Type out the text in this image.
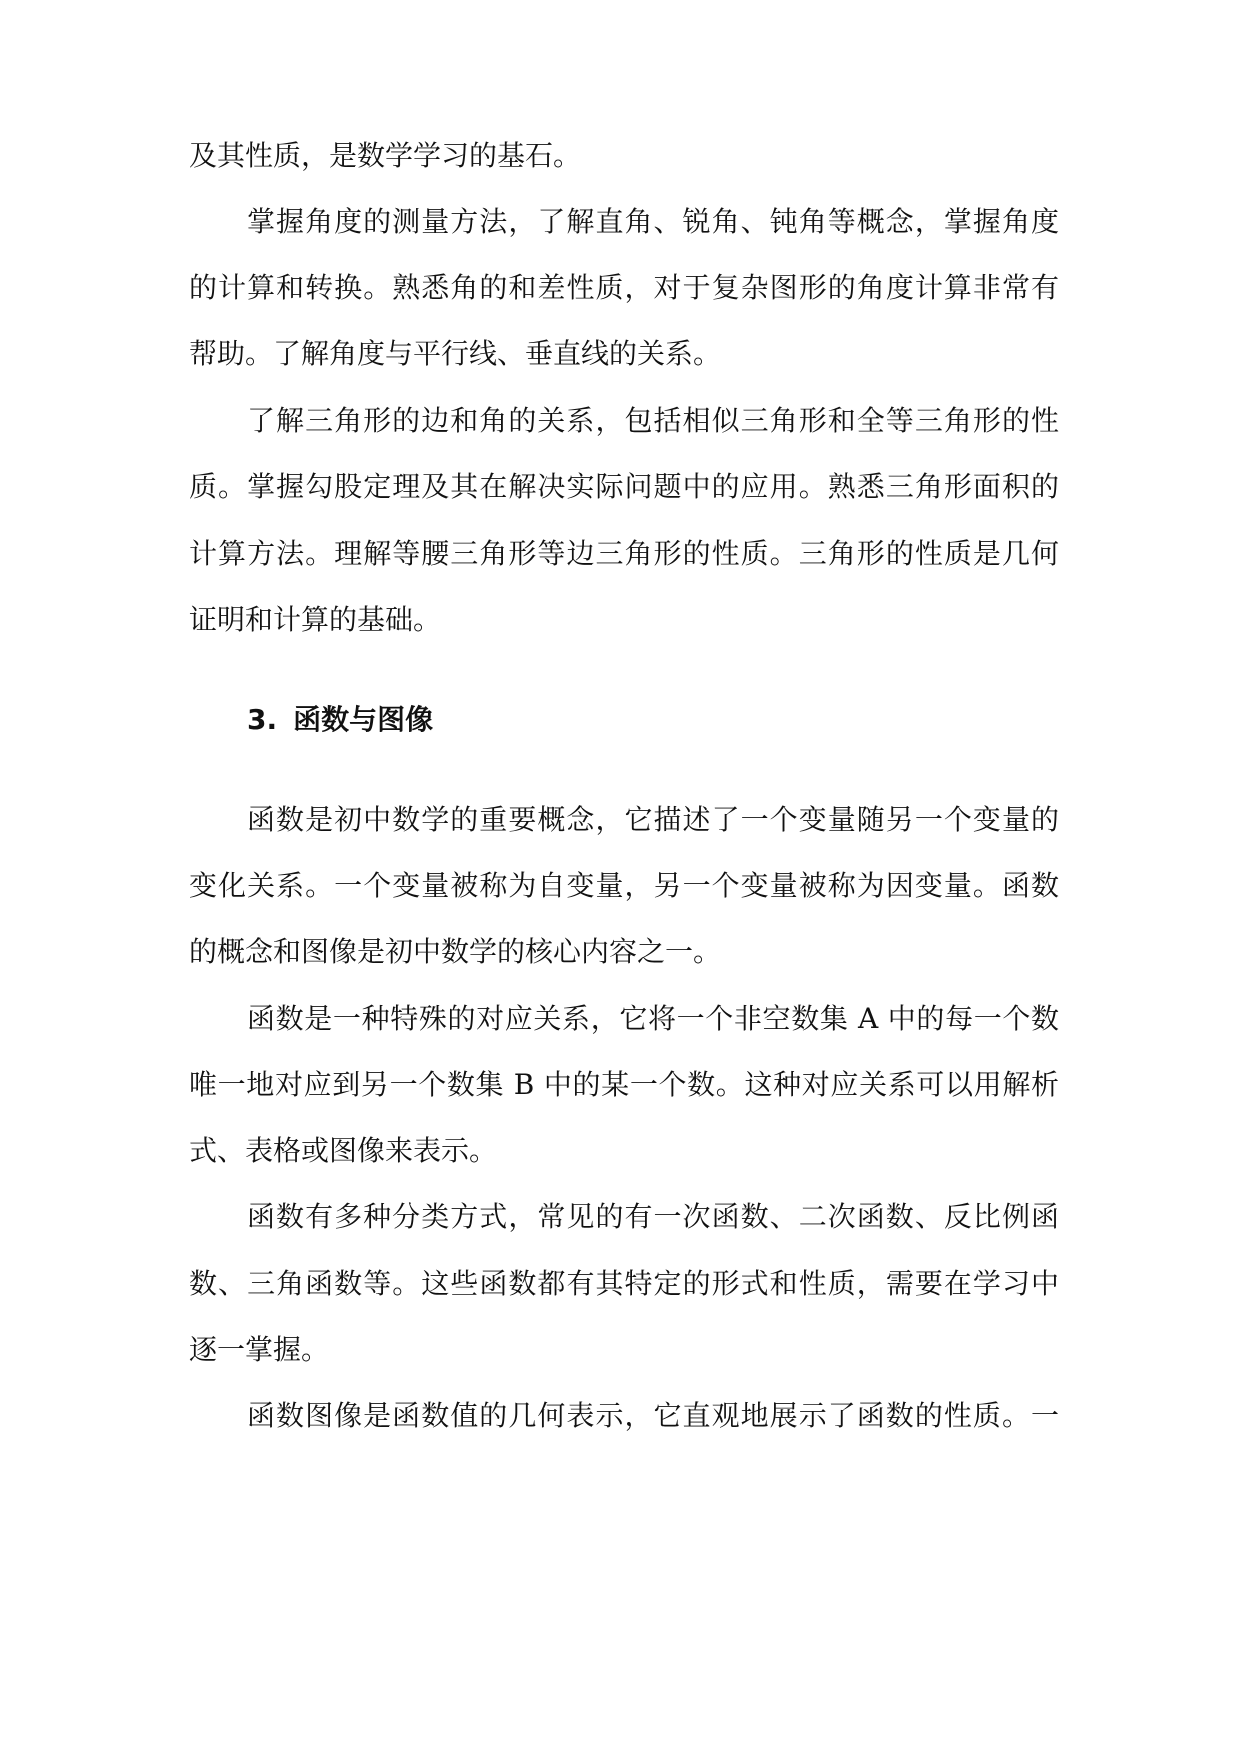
及其性质，是数学学习的基石。
掌握角度的测量方法，了解直角、锐角、钝角等概念，掌握角度
的计算和转换。熟悉角的和差性质，对于复杂图形的角度计算非常有
帮助。了解角度与平行线、垂直线的关系。
了解三角形的边和角的关系，包括相似三角形和全等三角形的性
质。掌握勾股定理及其在解决实际问题中的应用。熟悉三角形面积的
计算方法。理解等腰三角形等边三角形的性质。三角形的性质是几何
证明和计算的基础。
3. 函数与图像
函数是初中数学的重要概念，它描述了一个变量随另一个变量的
变化关系。一个变量被称为自变量，另一个变量被称为因变量。函数
的概念和图像是初中数学的核心内容之一。
函数是一种特殊的对应关系，它将一个非空数集 A 中的每一个数
唯一地对应到另一个数集 B 中的某一个数。这种对应关系可以用解析
式、表格或图像来表示。
函数有多种分类方式，常见的有一次函数、二次函数、反比例函
数、三角函数等。这些函数都有其特定的形式和性质，需要在学习中
逐一掌握。
函数图像是函数值的几何表示，它直观地展示了函数的性质。一
